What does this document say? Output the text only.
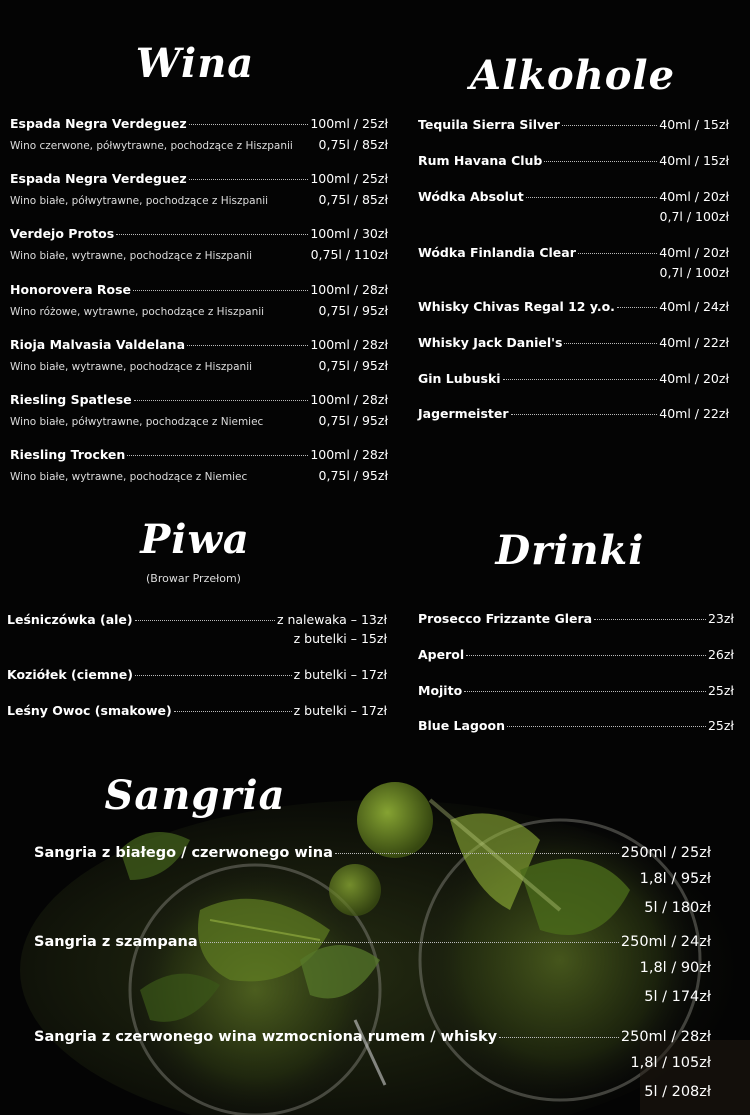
Wina
Espada Negra Verdeguez	100ml / 25zł
Wino czerwone, półwytrawne, pochodzące z Hiszpanii	0,75l / 85zł
Espada Negra Verdeguez	100ml / 25zł
Wino białe, półwytrawne, pochodzące z Hiszpanii	0,75l / 85zł
Verdejo Protos	100ml / 30zł
Wino białe, wytrawne, pochodzące z Hiszpanii	0,75l / 110zł
Honorovera Rose	100ml / 28zł
Wino różowe, wytrawne, pochodzące z Hiszpanii	0,75l / 95zł
Rioja Malvasia Valdelana	100ml / 28zł
Wino białe, wytrawne, pochodzące z Hiszpanii	0,75l / 95zł
Riesling Spatlese	100ml / 28zł
Wino białe, półwytrawne, pochodzące z Niemiec	0,75l / 95zł
Riesling Trocken	100ml / 28zł
Wino białe, wytrawne, pochodzące z Niemiec	0,75l / 95zł
Alkohole
Tequila Sierra Silver	40ml / 15zł
Rum Havana Club	40ml / 15zł
Wódka Absolut	40ml / 20zł
0,7l / 100zł
Wódka Finlandia Clear	40ml / 20zł
0,7l / 100zł
Whisky Chivas Regal 12 y.o.	40ml / 24zł
Whisky Jack Daniel's	40ml / 22zł
Gin Lubuski	40ml / 20zł
Jagermeister	40ml / 22zł
Piwa
(Browar Przełom)
Leśniczówka (ale)	z nalewaka – 13zł
z butelki – 15zł
Koziółek (ciemne)	z butelki – 17zł
Leśny Owoc (smakowe)	z butelki – 17zł
Drinki
Prosecco Frizzante Glera	23zł
Aperol	26zł
Mojito	25zł
Blue Lagoon	25zł
Sangria
Sangria z białego / czerwonego wina	250ml / 25zł
1,8l / 95zł
5l / 180zł
Sangria z szampana	250ml / 24zł
1,8l / 90zł
5l / 174zł
Sangria z czerwonego wina wzmocniona rumem / whisky	250ml / 28zł
1,8l / 105zł
5l / 208zł
